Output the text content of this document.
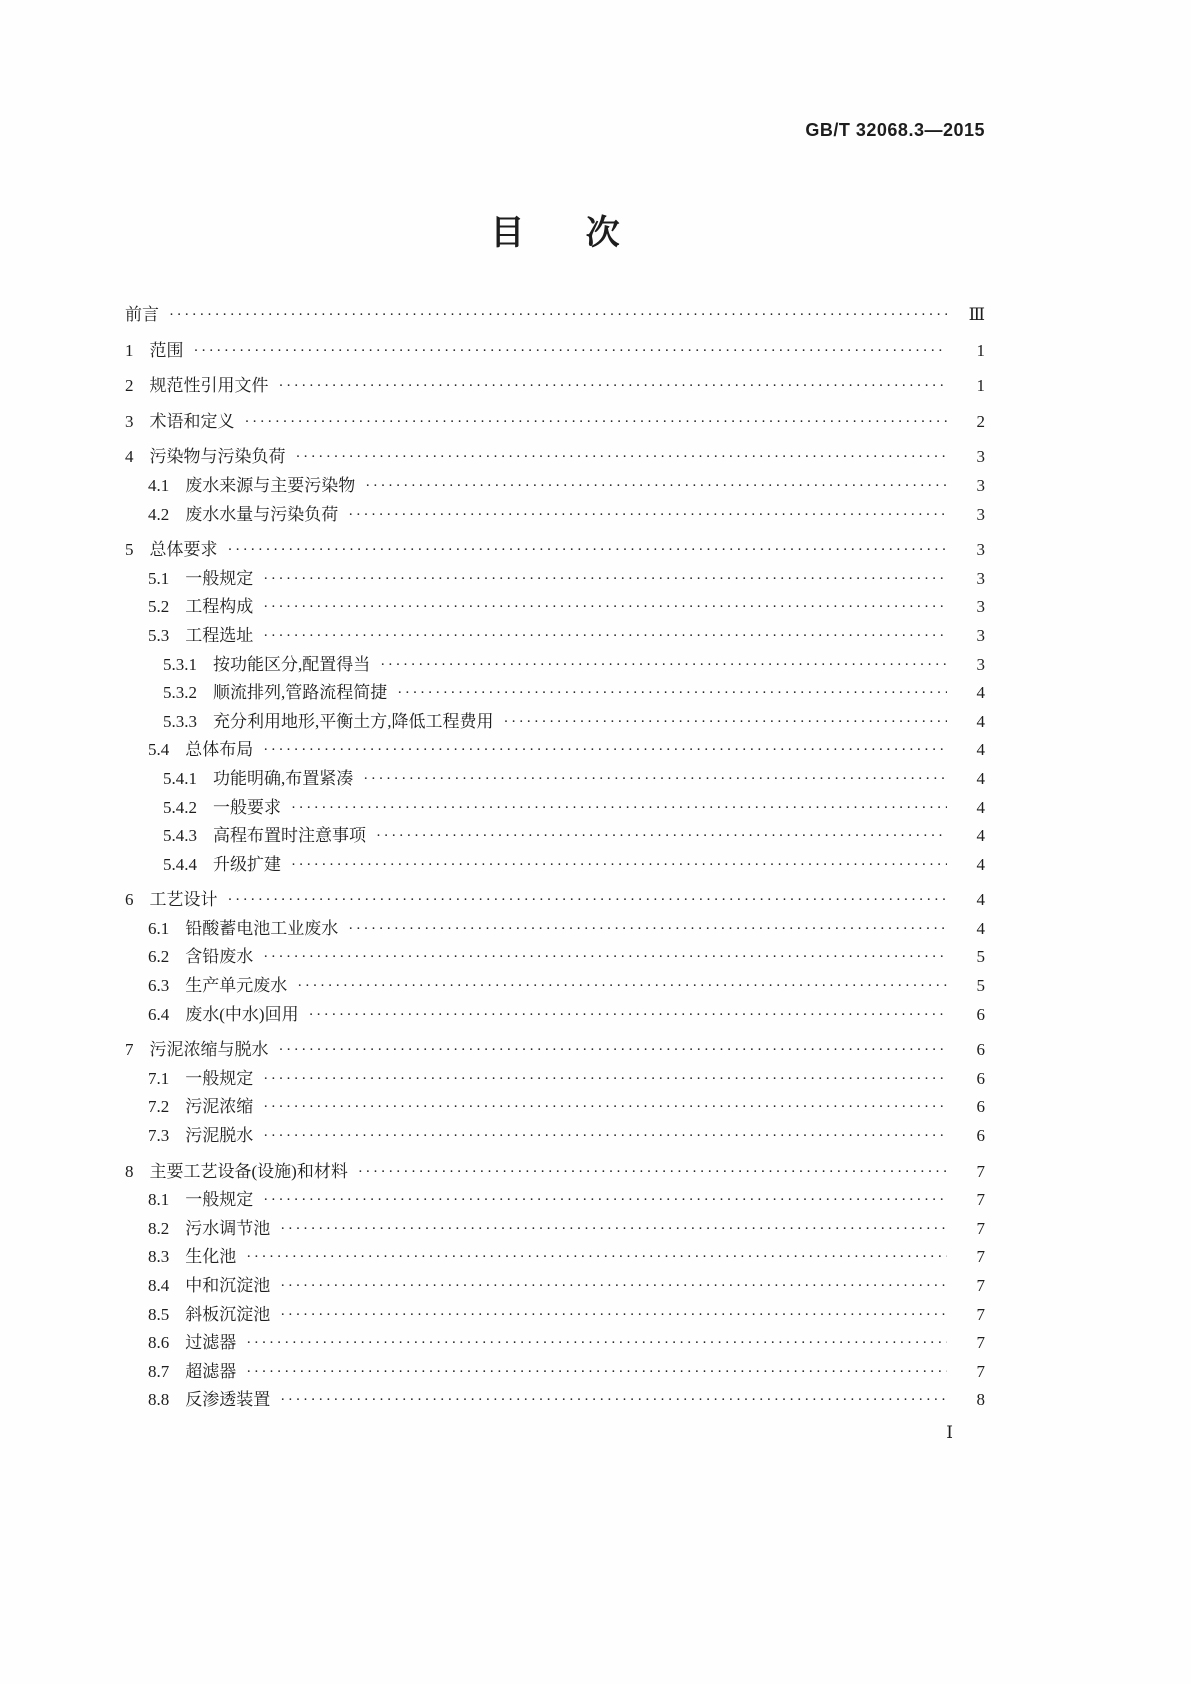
GB/T 32068.3—2015
目　次
前言 ·····	Ⅲ
1 范围 ·····	1
2 规范性引用文件 ·····	1
3 术语和定义 ·····	2
4 污染物与污染负荷 ·····	3
4.1 废水来源与主要污染物 ·····	3
4.2 废水水量与污染负荷 ·····	3
5 总体要求 ·····	3
5.1 一般规定 ·····	3
5.2 工程构成 ·····	3
5.3 工程选址 ·····	3
5.3.1 按功能区分,配置得当 ·····	3
5.3.2 顺流排列,管路流程简捷 ·····	4
5.3.3 充分利用地形,平衡土方,降低工程费用 ·····	4
5.4 总体布局 ·····	4
5.4.1 功能明确,布置紧凑 ·····	4
5.4.2 一般要求 ·····	4
5.4.3 高程布置时注意事项 ·····	4
5.4.4 升级扩建 ·····	4
6 工艺设计 ·····	4
6.1 铅酸蓄电池工业废水 ·····	4
6.2 含铅废水 ·····	5
6.3 生产单元废水 ·····	5
6.4 废水(中水)回用 ·····	6
7 污泥浓缩与脱水 ·····	6
7.1 一般规定 ·····	6
7.2 污泥浓缩 ·····	6
7.3 污泥脱水 ·····	6
8 主要工艺设备(设施)和材料 ·····	7
8.1 一般规定 ·····	7
8.2 污水调节池 ·····	7
8.3 生化池 ·····	7
8.4 中和沉淀池 ·····	7
8.5 斜板沉淀池 ·····	7
8.6 过滤器 ·····	7
8.7 超滤器 ·····	7
8.8 反渗透装置 ·····	8
Ⅰ
